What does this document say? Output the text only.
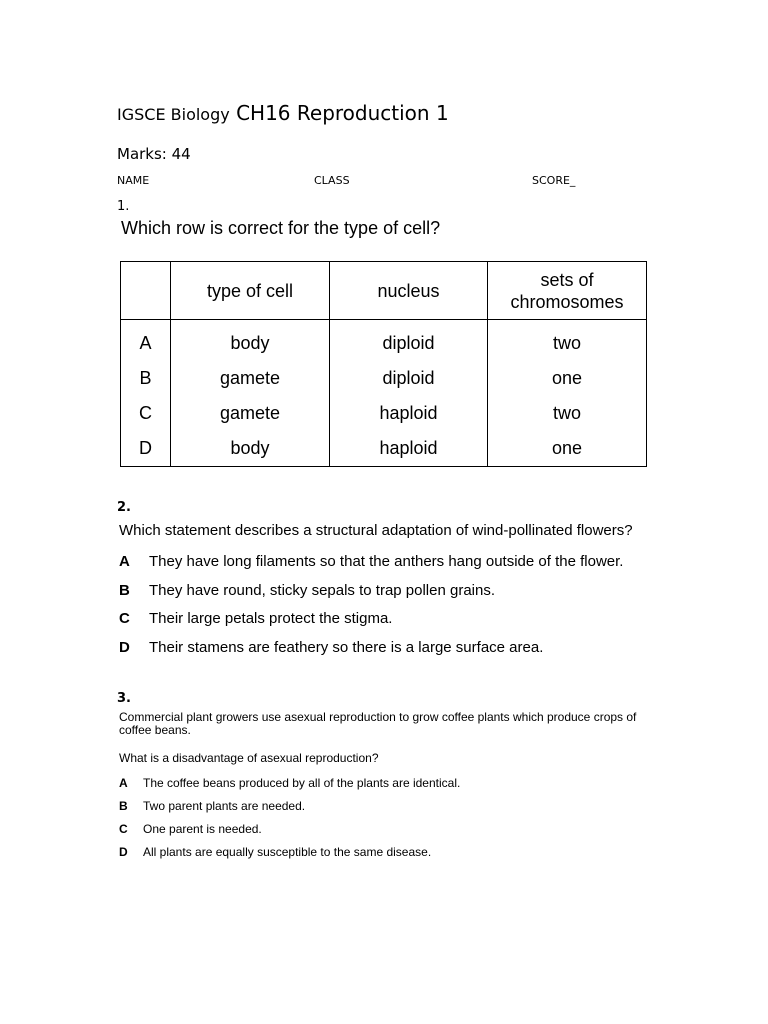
IGSCE Biology CH16 Reproduction 1
Marks: 44
NAME	CLASS	SCORE_
1.
Which row is correct for the type of cell?
	type of cell	nucleus	sets of chromosomes
A	body	diploid	two
B	gamete	diploid	one
C	gamete	haploid	two
D	body	haploid	one
2.
Which statement describes a structural adaptation of wind-pollinated flowers?
A They have long filaments so that the anthers hang outside of the flower.
B They have round, sticky sepals to trap pollen grains.
C Their large petals protect the stigma.
D Their stamens are feathery so there is a large surface area.
3.
Commercial plant growers use asexual reproduction to grow coffee plants which produce crops of coffee beans.
What is a disadvantage of asexual reproduction?
A The coffee beans produced by all of the plants are identical.
B Two parent plants are needed.
C One parent is needed.
D All plants are equally susceptible to the same disease.
